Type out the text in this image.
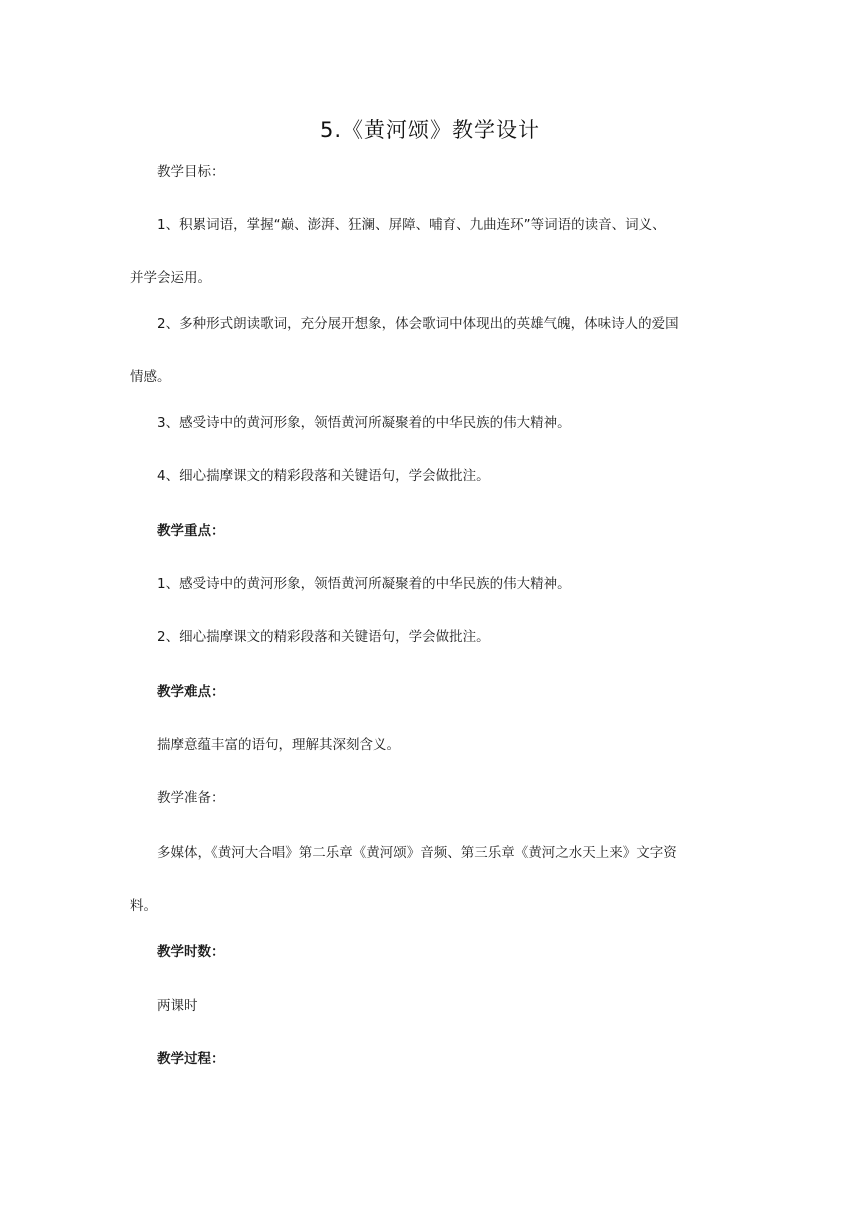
5.《黄河颂》教学设计

教学目标：

1、积累词语，掌握“巅、澎湃、狂澜、屏障、哺育、九曲连环”等词语的读音、词义、
并学会运用。

2、多种形式朗读歌词，充分展开想象，体会歌词中体现出的英雄气魄，体味诗人的爱国
情感。

3、感受诗中的黄河形象，领悟黄河所凝聚着的中华民族的伟大精神。

4、细心揣摩课文的精彩段落和关键语句，学会做批注。

教学重点：

1、感受诗中的黄河形象，领悟黄河所凝聚着的中华民族的伟大精神。

2、细心揣摩课文的精彩段落和关键语句，学会做批注。

教学难点：

揣摩意蕴丰富的语句，理解其深刻含义。

教学准备：

多媒体，《黄河大合唱》第二乐章《黄河颂》音频、第三乐章《黄河之水天上来》文字资
料。

教学时数：

两课时

教学过程：
